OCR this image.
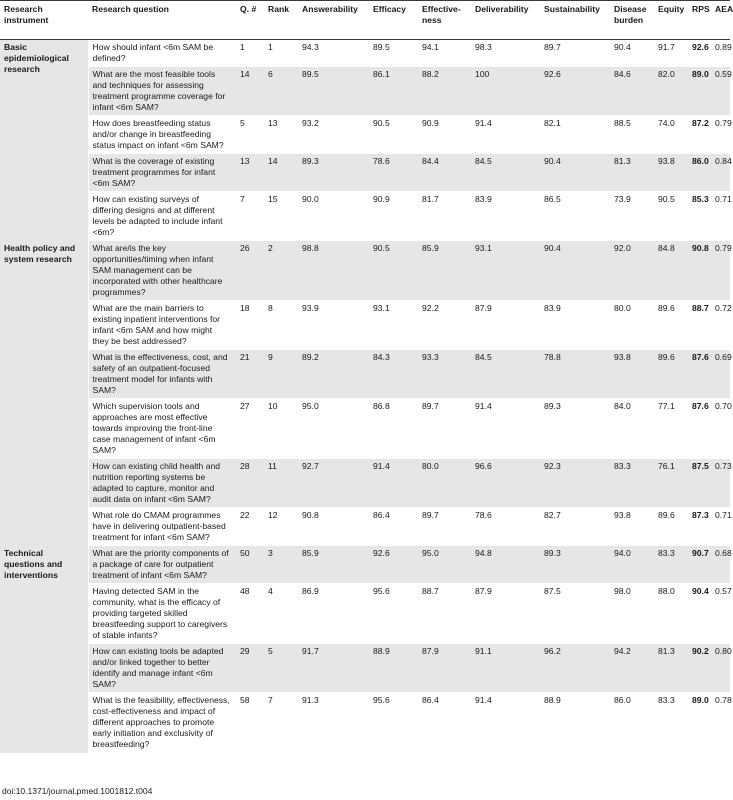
Research instrument	Research question	Q. #	Rank	Answerability	Efficacy	Effective-ness	Deliverability	Sustainability	Disease burden	Equity	RPS	AEA
Basic epidemiological research	How should infant <6m SAM be defined?	1	1	94.3	89.5	94.1	98.3	89.7	90.4	91.7	92.6	0.89
	What are the most feasible tools and techniques for assessing treatment programme coverage for infant <6m SAM?	14	6	89.5	86.1	88.2	100	92.6	84.6	82.0	89.0	0.59
	How does breastfeeding status and/or change in breastfeeding status impact on infant <6m SAM?	5	13	93.2	90.5	90.9	91.4	82.1	88.5	74.0	87.2	0.79
	What is the coverage of existing treatment programmes for infant <6m SAM?	13	14	89.3	78.6	84.4	84.5	90.4	81.3	93.8	86.0	0.84
	How can existing surveys of differing designs and at different levels be adapted to include infant <6m?	7	15	90.0	90.9	81.7	83.9	86.5	73.9	90.5	85.3	0.71
Health policy and system research	What are/is the key opportunities/timing when infant SAM management can be incorporated with other healthcare programmes?	26	2	98.8	90.5	85.9	93.1	90.4	92.0	84.8	90.8	0.79
	What are the main barriers to existing inpatient interventions for infant <6m SAM and how might they be best addressed?	18	8	93.9	93.1	92.2	87.9	83.9	80.0	89.6	88.7	0.72
	What is the effectiveness, cost, and safety of an outpatient-focused treatment model for infants with SAM?	21	9	89.2	84.3	93.3	84.5	78.8	93.8	89.6	87.6	0.69
	Which supervision tools and approaches are most effective towards improving the front-line case management of infant <6m SAM?	27	10	95.0	86.8	89.7	91.4	89.3	84.0	77.1	87.6	0.70
	How can existing child health and nutrition reporting systems be adapted to capture, monitor and audit data on infant <6m SAM?	28	11	92.7	91.4	80.0	96.6	92.3	83.3	76.1	87.5	0.73
	What role do CMAM programmes have in delivering outpatient-based treatment for infant <6m SAM?	22	12	90.8	86.4	89.7	78.6	82.7	93.8	89.6	87.3	0.71
Technical questions and interventions	What are the priority components of a package of care for outpatient treatment of infant <6m SAM?	50	3	85.9	92.6	95.0	94.8	89.3	94.0	83.3	90.7	0.68
	Having detected SAM in the community, what is the efficacy of providing targeted skilled breastfeeding support to caregivers of stable infants?	48	4	86.9	95.6	88.7	87.9	87.5	98.0	88.0	90.4	0.57
	How can existing tools be adapted and/or linked together to better identify and manage infant <6m SAM?	29	5	91.7	88.9	87.9	91.1	96.2	94.2	81.3	90.2	0.80
	What is the feasibility, effectiveness, cost-effectiveness and impact of different approaches to promote early initiation and exclusivity of breastfeeding?	58	7	91.3	95.6	86.4	91.4	88.9	86.0	83.3	89.0	0.78
doi:10.1371/journal.pmed.1001812.t004
